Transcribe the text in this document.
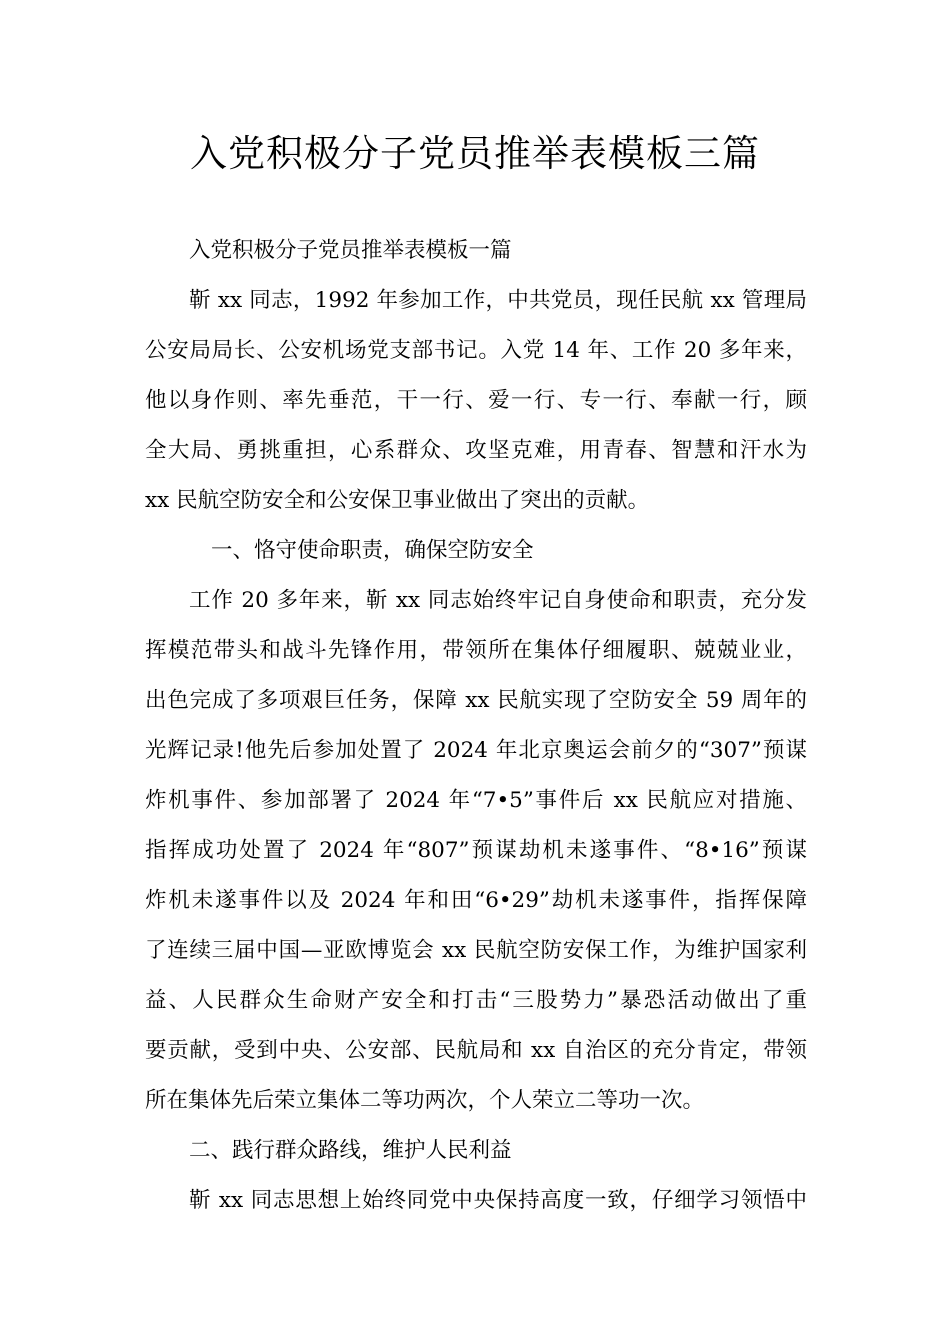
入党积极分子党员推举表模板三篇
入党积极分子党员推举表模板一篇
靳 xx 同志，1992 年参加工作，中共党员，现任民航 xx 管理局
公安局局长、公安机场党支部书记。入党 14 年、工作 20 多年来，
他以身作则、率先垂范，干一行、爱一行、专一行、奉献一行，顾
全大局、勇挑重担，心系群众、攻坚克难，用青春、智慧和汗水为
xx 民航空防安全和公安保卫事业做出了突出的贡献。
一、恪守使命职责，确保空防安全
工作 20 多年来，靳 xx 同志始终牢记自身使命和职责，充分发
挥模范带头和战斗先锋作用，带领所在集体仔细履职、兢兢业业，
出色完成了多项艰巨任务，保障 xx 民航实现了空防安全 59 周年的
光辉记录!他先后参加处置了 2024 年北京奥运会前夕的“307”预谋
炸机事件、参加部署了 2024 年“7•5”事件后 xx 民航应对措施、
指挥成功处置了 2024 年“807”预谋劫机未遂事件、“8•16”预谋
炸机未遂事件以及 2024 年和田“6•29”劫机未遂事件，指挥保障
了连续三届中国—亚欧博览会 xx 民航空防安保工作，为维护国家利
益、人民群众生命财产安全和打击“三股势力”暴恐活动做出了重
要贡献，受到中央、公安部、民航局和 xx 自治区的充分肯定，带领
所在集体先后荣立集体二等功两次，个人荣立二等功一次。
二、践行群众路线，维护人民利益
靳 xx 同志思想上始终同党中央保持高度一致，仔细学习领悟中
